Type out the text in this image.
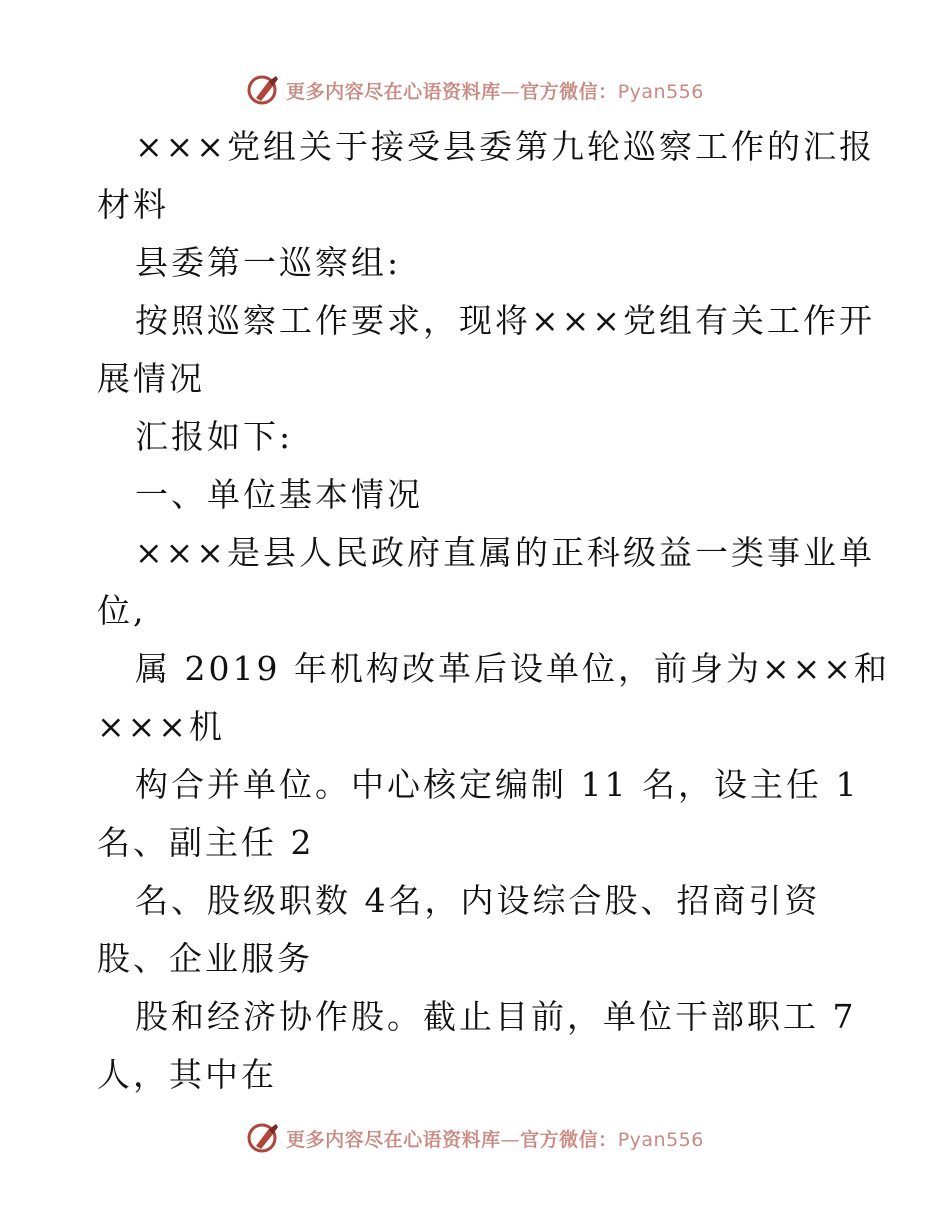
更多内容尽在心语资料库—官方微信：Pyan556
×××党组关于接受县委第九轮巡察工作的汇报
材料
县委第一巡察组:
按照巡察工作要求，现将×××党组有关工作开
展情况
汇报如下:
一、单位基本情况
×××是县人民政府直属的正科级益一类事业单
位,
属 2019 年机构改革后设单位，前身为×××和
×××机
构合并单位。中心核定编制 11 名，设主任 1
名、副主任 2
名、股级职数 4名，内设综合股、招商引资
股、企业服务
股和经济协作股。截止目前，单位干部职工 7
人，其中在
更多内容尽在心语资料库—官方微信：Pyan556
